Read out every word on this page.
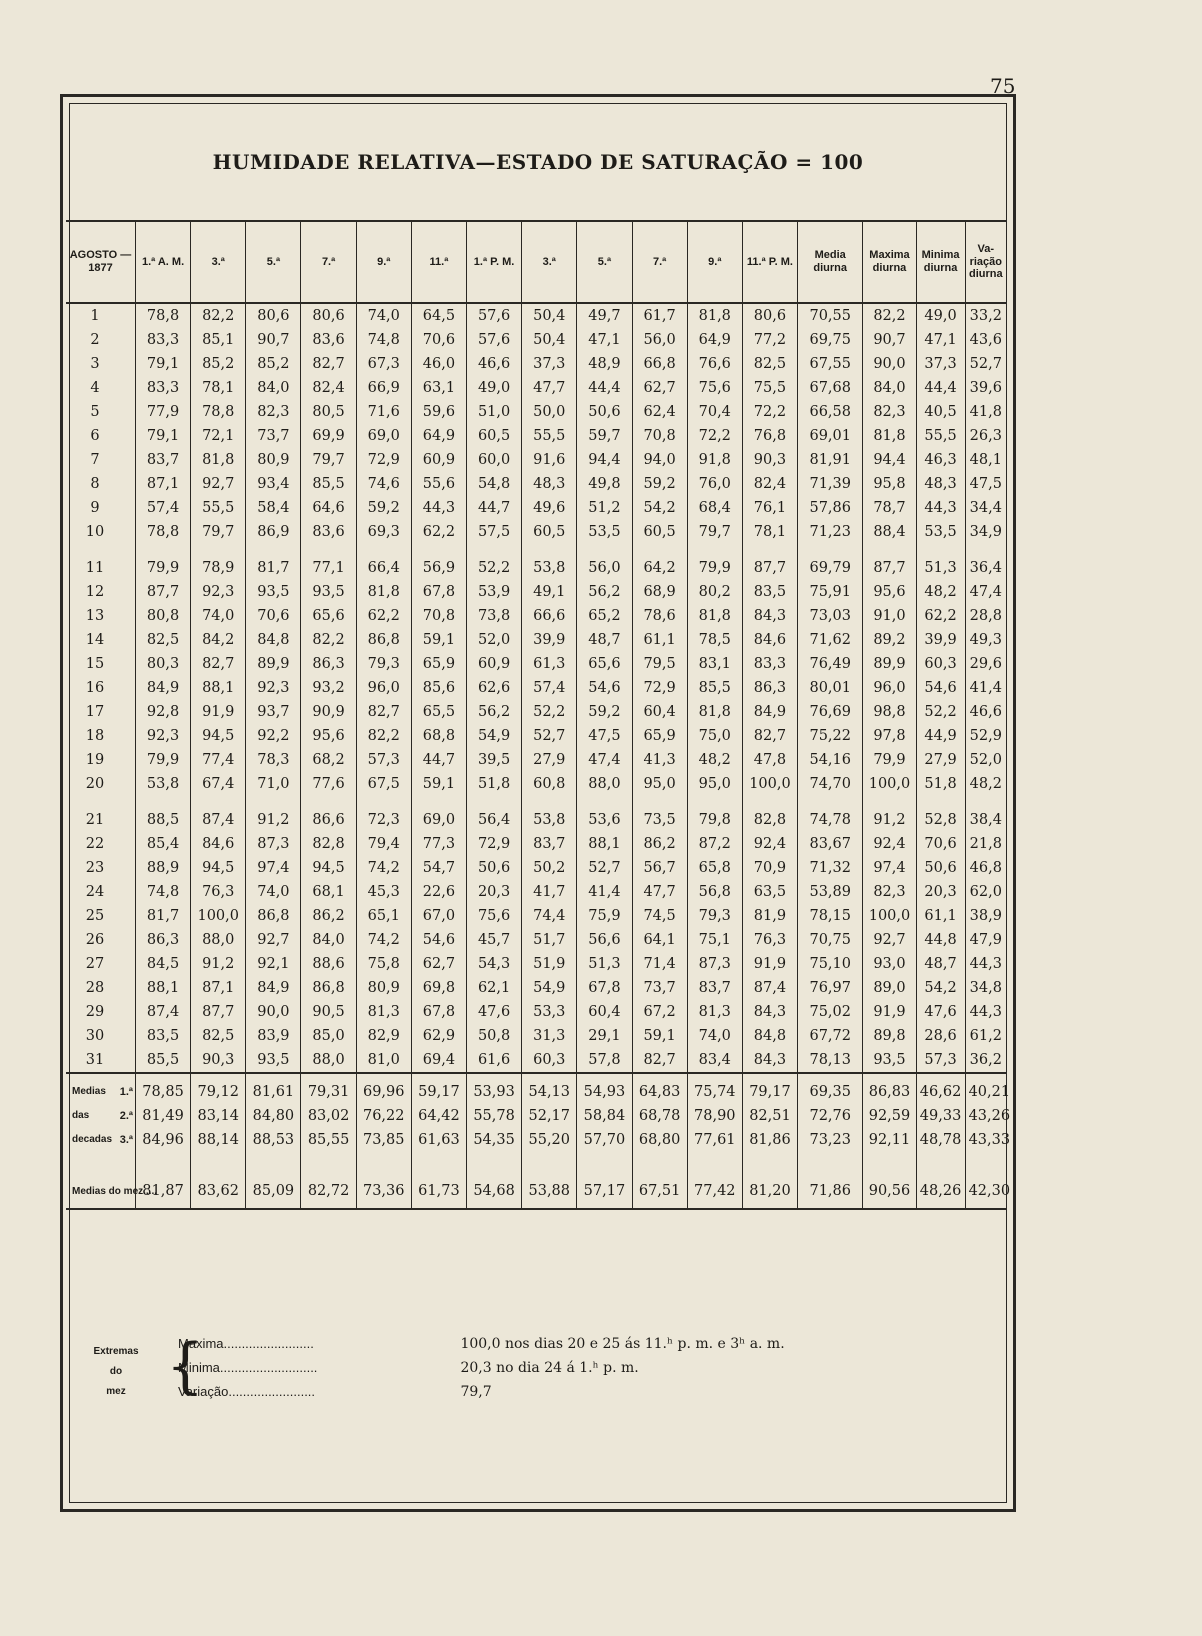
75
HUMIDADE RELATIVA—ESTADO DE SATURAÇÃO = 100
AGOSTO — 1877	1.ª A. M.	3.ª	5.ª	7.ª	9.ª	11.ª	1.ª P. M.	3.ª	5.ª	7.ª	9.ª	11.ª P. M.	Media diurna	Maxima diurna	Minima diurna	Va-riação diurna
1	78,8	82,2	80,6	80,6	74,0	64,5	57,6	50,4	49,7	61,7	81,8	80,6	70,55	82,2	49,0	33,2
2	83,3	85,1	90,7	83,6	74,8	70,6	57,6	50,4	47,1	56,0	64,9	77,2	69,75	90,7	47,1	43,6
3	79,1	85,2	85,2	82,7	67,3	46,0	46,6	37,3	48,9	66,8	76,6	82,5	67,55	90,0	37,3	52,7
4	83,3	78,1	84,0	82,4	66,9	63,1	49,0	47,7	44,4	62,7	75,6	75,5	67,68	84,0	44,4	39,6
5	77,9	78,8	82,3	80,5	71,6	59,6	51,0	50,0	50,6	62,4	70,4	72,2	66,58	82,3	40,5	41,8
6	79,1	72,1	73,7	69,9	69,0	64,9	60,5	55,5	59,7	70,8	72,2	76,8	69,01	81,8	55,5	26,3
7	83,7	81,8	80,9	79,7	72,9	60,9	60,0	91,6	94,4	94,0	91,8	90,3	81,91	94,4	46,3	48,1
8	87,1	92,7	93,4	85,5	74,6	55,6	54,8	48,3	49,8	59,2	76,0	82,4	71,39	95,8	48,3	47,5
9	57,4	55,5	58,4	64,6	59,2	44,3	44,7	49,6	51,2	54,2	68,4	76,1	57,86	78,7	44,3	34,4
10	78,8	79,7	86,9	83,6	69,3	62,2	57,5	60,5	53,5	60,5	79,7	78,1	71,23	88,4	53,5	34,9

11	79,9	78,9	81,7	77,1	66,4	56,9	52,2	53,8	56,0	64,2	79,9	87,7	69,79	87,7	51,3	36,4
12	87,7	92,3	93,5	93,5	81,8	67,8	53,9	49,1	56,2	68,9	80,2	83,5	75,91	95,6	48,2	47,4
13	80,8	74,0	70,6	65,6	62,2	70,8	73,8	66,6	65,2	78,6	81,8	84,3	73,03	91,0	62,2	28,8
14	82,5	84,2	84,8	82,2	86,8	59,1	52,0	39,9	48,7	61,1	78,5	84,6	71,62	89,2	39,9	49,3
15	80,3	82,7	89,9	86,3	79,3	65,9	60,9	61,3	65,6	79,5	83,1	83,3	76,49	89,9	60,3	29,6
16	84,9	88,1	92,3	93,2	96,0	85,6	62,6	57,4	54,6	72,9	85,5	86,3	80,01	96,0	54,6	41,4
17	92,8	91,9	93,7	90,9	82,7	65,5	56,2	52,2	59,2	60,4	81,8	84,9	76,69	98,8	52,2	46,6
18	92,3	94,5	92,2	95,6	82,2	68,8	54,9	52,7	47,5	65,9	75,0	82,7	75,22	97,8	44,9	52,9
19	79,9	77,4	78,3	68,2	57,3	44,7	39,5	27,9	47,4	41,3	48,2	47,8	54,16	79,9	27,9	52,0
20	53,8	67,4	71,0	77,6	67,5	59,1	51,8	60,8	88,0	95,0	95,0	100,0	74,70	100,0	51,8	48,2

21	88,5	87,4	91,2	86,6	72,3	69,0	56,4	53,8	53,6	73,5	79,8	82,8	74,78	91,2	52,8	38,4
22	85,4	84,6	87,3	82,8	79,4	77,3	72,9	83,7	88,1	86,2	87,2	92,4	83,67	92,4	70,6	21,8
23	88,9	94,5	97,4	94,5	74,2	54,7	50,6	50,2	52,7	56,7	65,8	70,9	71,32	97,4	50,6	46,8
24	74,8	76,3	74,0	68,1	45,3	22,6	20,3	41,7	41,4	47,7	56,8	63,5	53,89	82,3	20,3	62,0
25	81,7	100,0	86,8	86,2	65,1	67,0	75,6	74,4	75,9	74,5	79,3	81,9	78,15	100,0	61,1	38,9
26	86,3	88,0	92,7	84,0	74,2	54,6	45,7	51,7	56,6	64,1	75,1	76,3	70,75	92,7	44,8	47,9
27	84,5	91,2	92,1	88,6	75,8	62,7	54,3	51,9	51,3	71,4	87,3	91,9	75,10	93,0	48,7	44,3
28	88,1	87,1	84,9	86,8	80,9	69,8	62,1	54,9	67,8	73,7	83,7	87,4	76,97	89,0	54,2	34,8
29	87,4	87,7	90,0	90,5	81,3	67,8	47,6	53,3	60,4	67,2	81,3	84,3	75,02	91,9	47,6	44,3
30	83,5	82,5	83,9	85,0	82,9	62,9	50,8	31,3	29,1	59,1	74,0	84,8	67,72	89,8	28,6	61,2
31	85,5	90,3	93,5	88,0	81,0	69,4	61,6	60,3	57,8	82,7	83,4	84,3	78,13	93,5	57,3	36,2
Medias 1.ª	78,85	79,12	81,61	79,31	69,96	59,17	53,93	54,13	54,93	64,83	75,74	79,17	69,35	86,83	46,62	40,21
das 2.ª	81,49	83,14	84,80	83,02	76,22	64,42	55,78	52,17	58,84	68,78	78,90	82,51	72,76	92,59	49,33	43,26
decadas 3.ª	84,96	88,14	88,53	85,55	73,85	61,63	54,35	55,20	57,70	68,80	77,61	81,86	73,23	92,11	48,78	43,33

Medias do mez.....	81,87	83,62	85,09	82,72	73,36	61,73	54,68	53,88	57,17	67,51	77,42	81,20	71,86	90,56	48,26	42,30
Extremas
do
mez {
Maxima.........................	100,0 nos dias 20 e 25 ás 11.ʰ p. m. e 3ʰ a. m.
Minima...........................	20,3 no dia 24 á 1.ʰ p. m.
Variação........................	79,7
